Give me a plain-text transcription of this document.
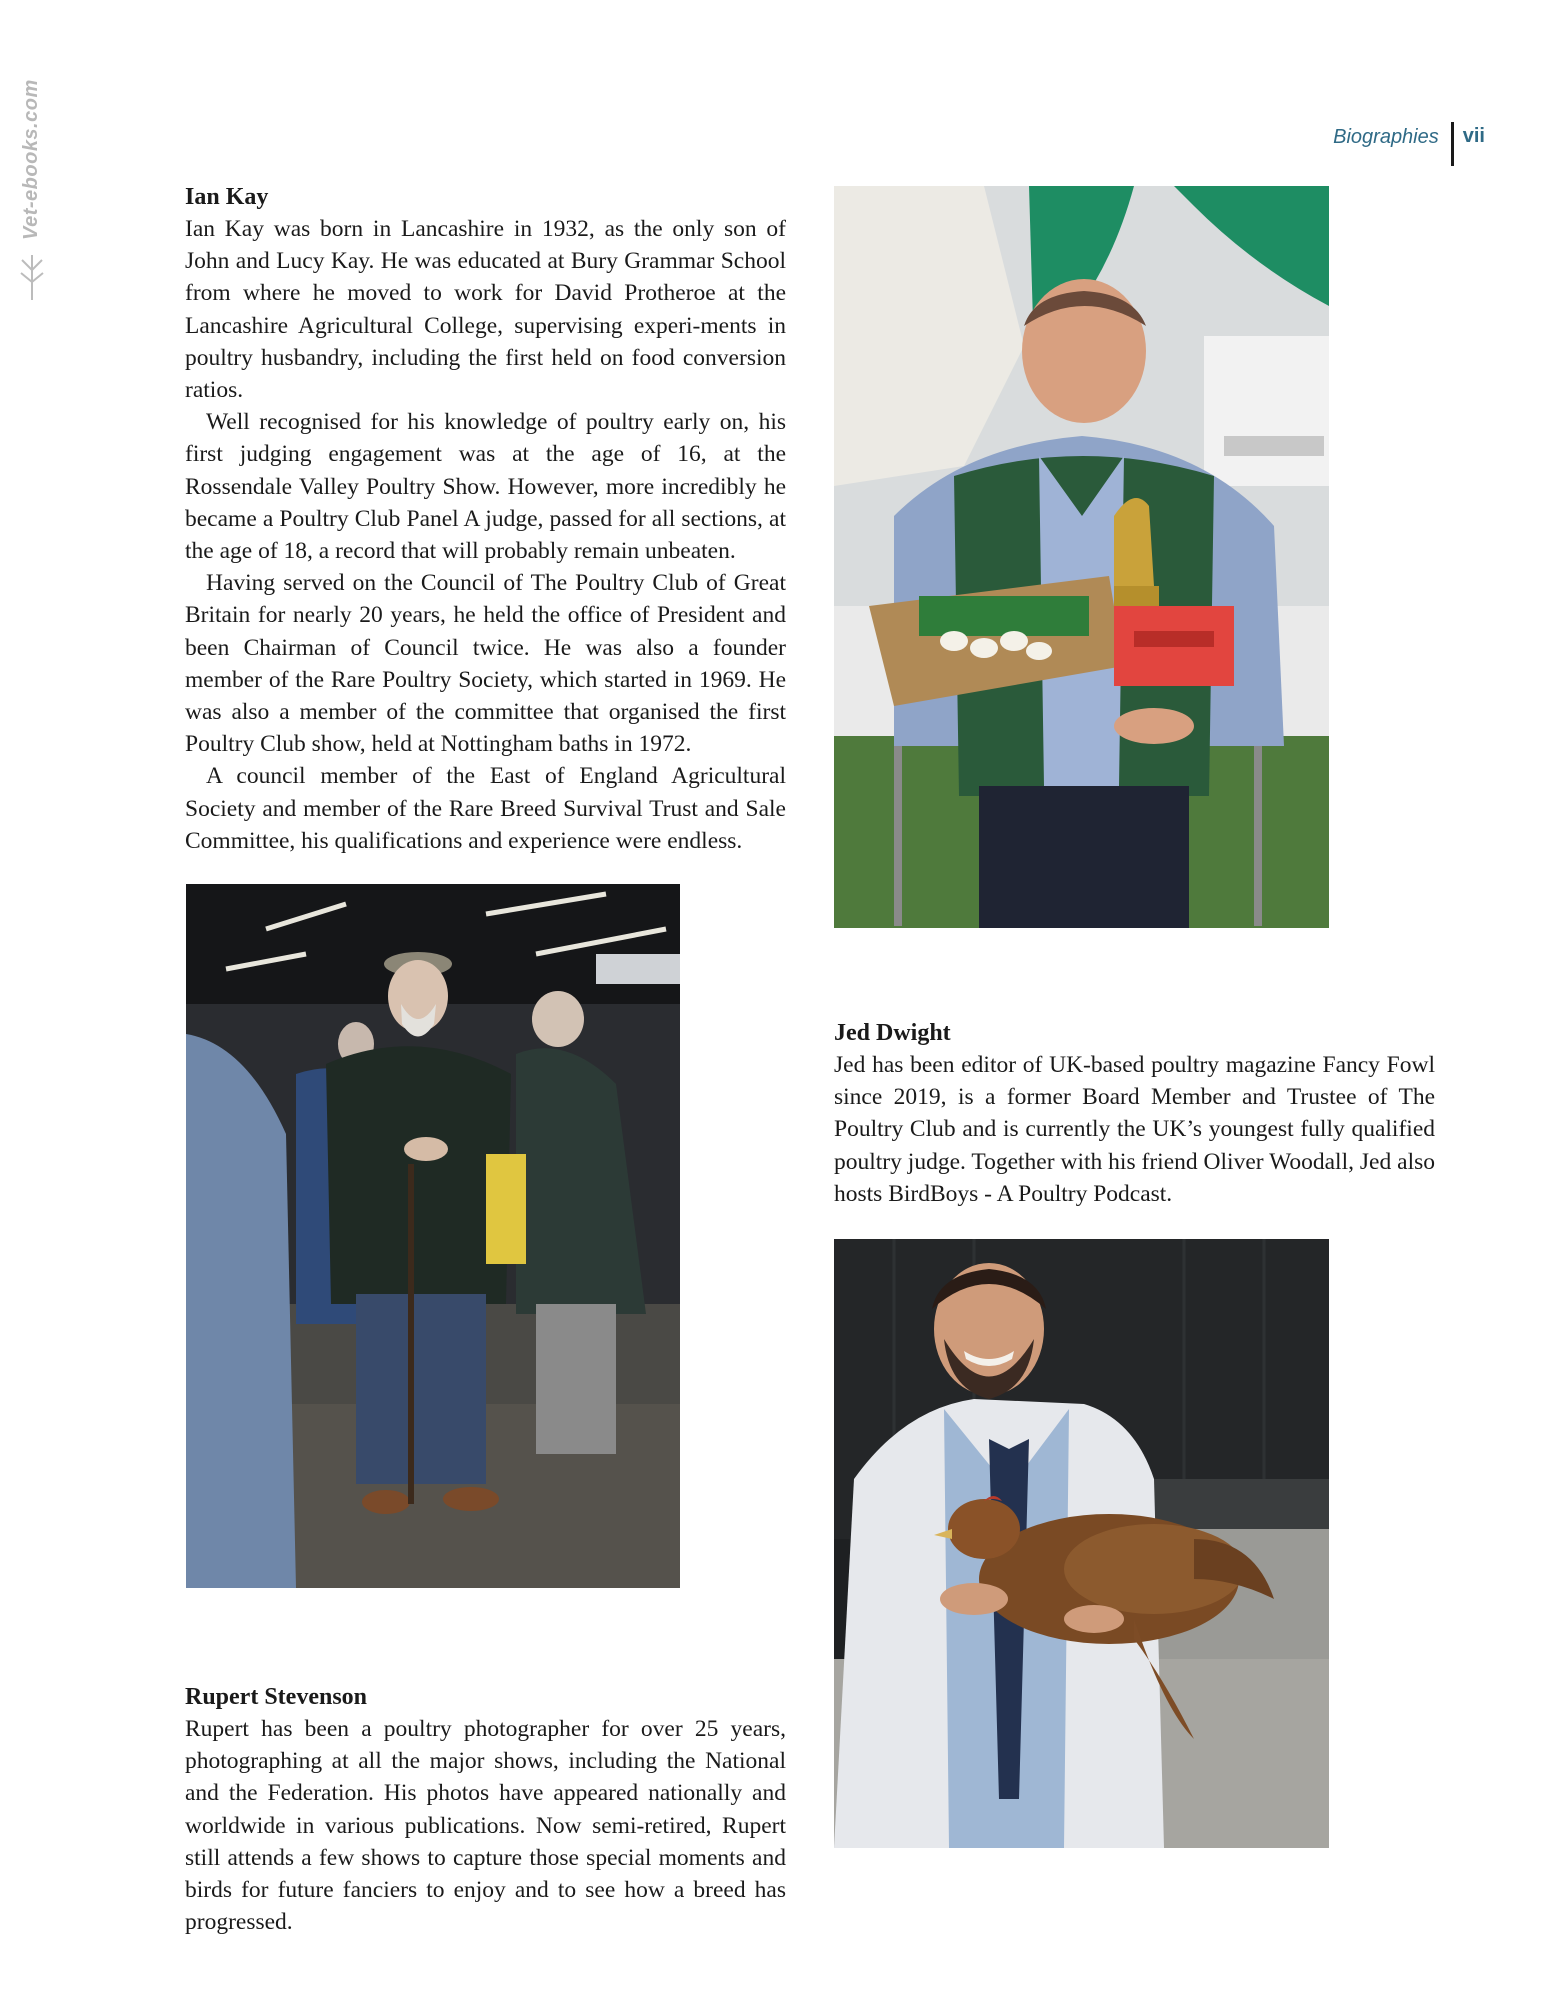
Biographies	vii
Vet-ebooks.com	Ian Kay

Ian Kay was born in Lancashire in 1932, as the only son of John and Lucy Kay. He was educated at Bury Grammar School from where he moved to work for David Protheroe at the Lancashire Agricultural College, supervising experi-ments in poultry husbandry, including the first held on food conversion ratios.

Well recognised for his knowledge of poultry early on, his first judging engagement was at the age of 16, at the Rossendale Valley Poultry Show. However, more incredibly he became a Poultry Club Panel A judge, passed for all sections, at the age of 18, a record that will probably remain unbeaten.

Having served on the Council of The Poultry Club of Great Britain for nearly 20 years, he held the office of President and been Chairman of Council twice. He was also a founder member of the Rare Poultry Society, which started in 1969. He was also a member of the committee that organised the first Poultry Club show, held at Nottingham baths in 1972.

A council member of the East of England Agricultural Society and member of the Rare Breed Survival Trust and Sale Committee, his qualifications and experience were endless.

Jed Dwight

Jed has been editor of UK-based poultry magazine Fancy Fowl since 2019, is a former Board Member and Trustee of The Poultry Club and is currently the UK’s youngest fully qualified poultry judge. Together with his friend Oliver Woodall, Jed also hosts BirdBoys - A Poultry Podcast.

Rupert Stevenson

Rupert has been a poultry photographer for over 25 years, photographing at all the major shows, including the National and the Federation. His photos have appeared nationally and worldwide in various publications. Now semi-retired, Rupert still attends a few shows to capture those special moments and birds for future fanciers to enjoy and to see how a breed has progressed.
